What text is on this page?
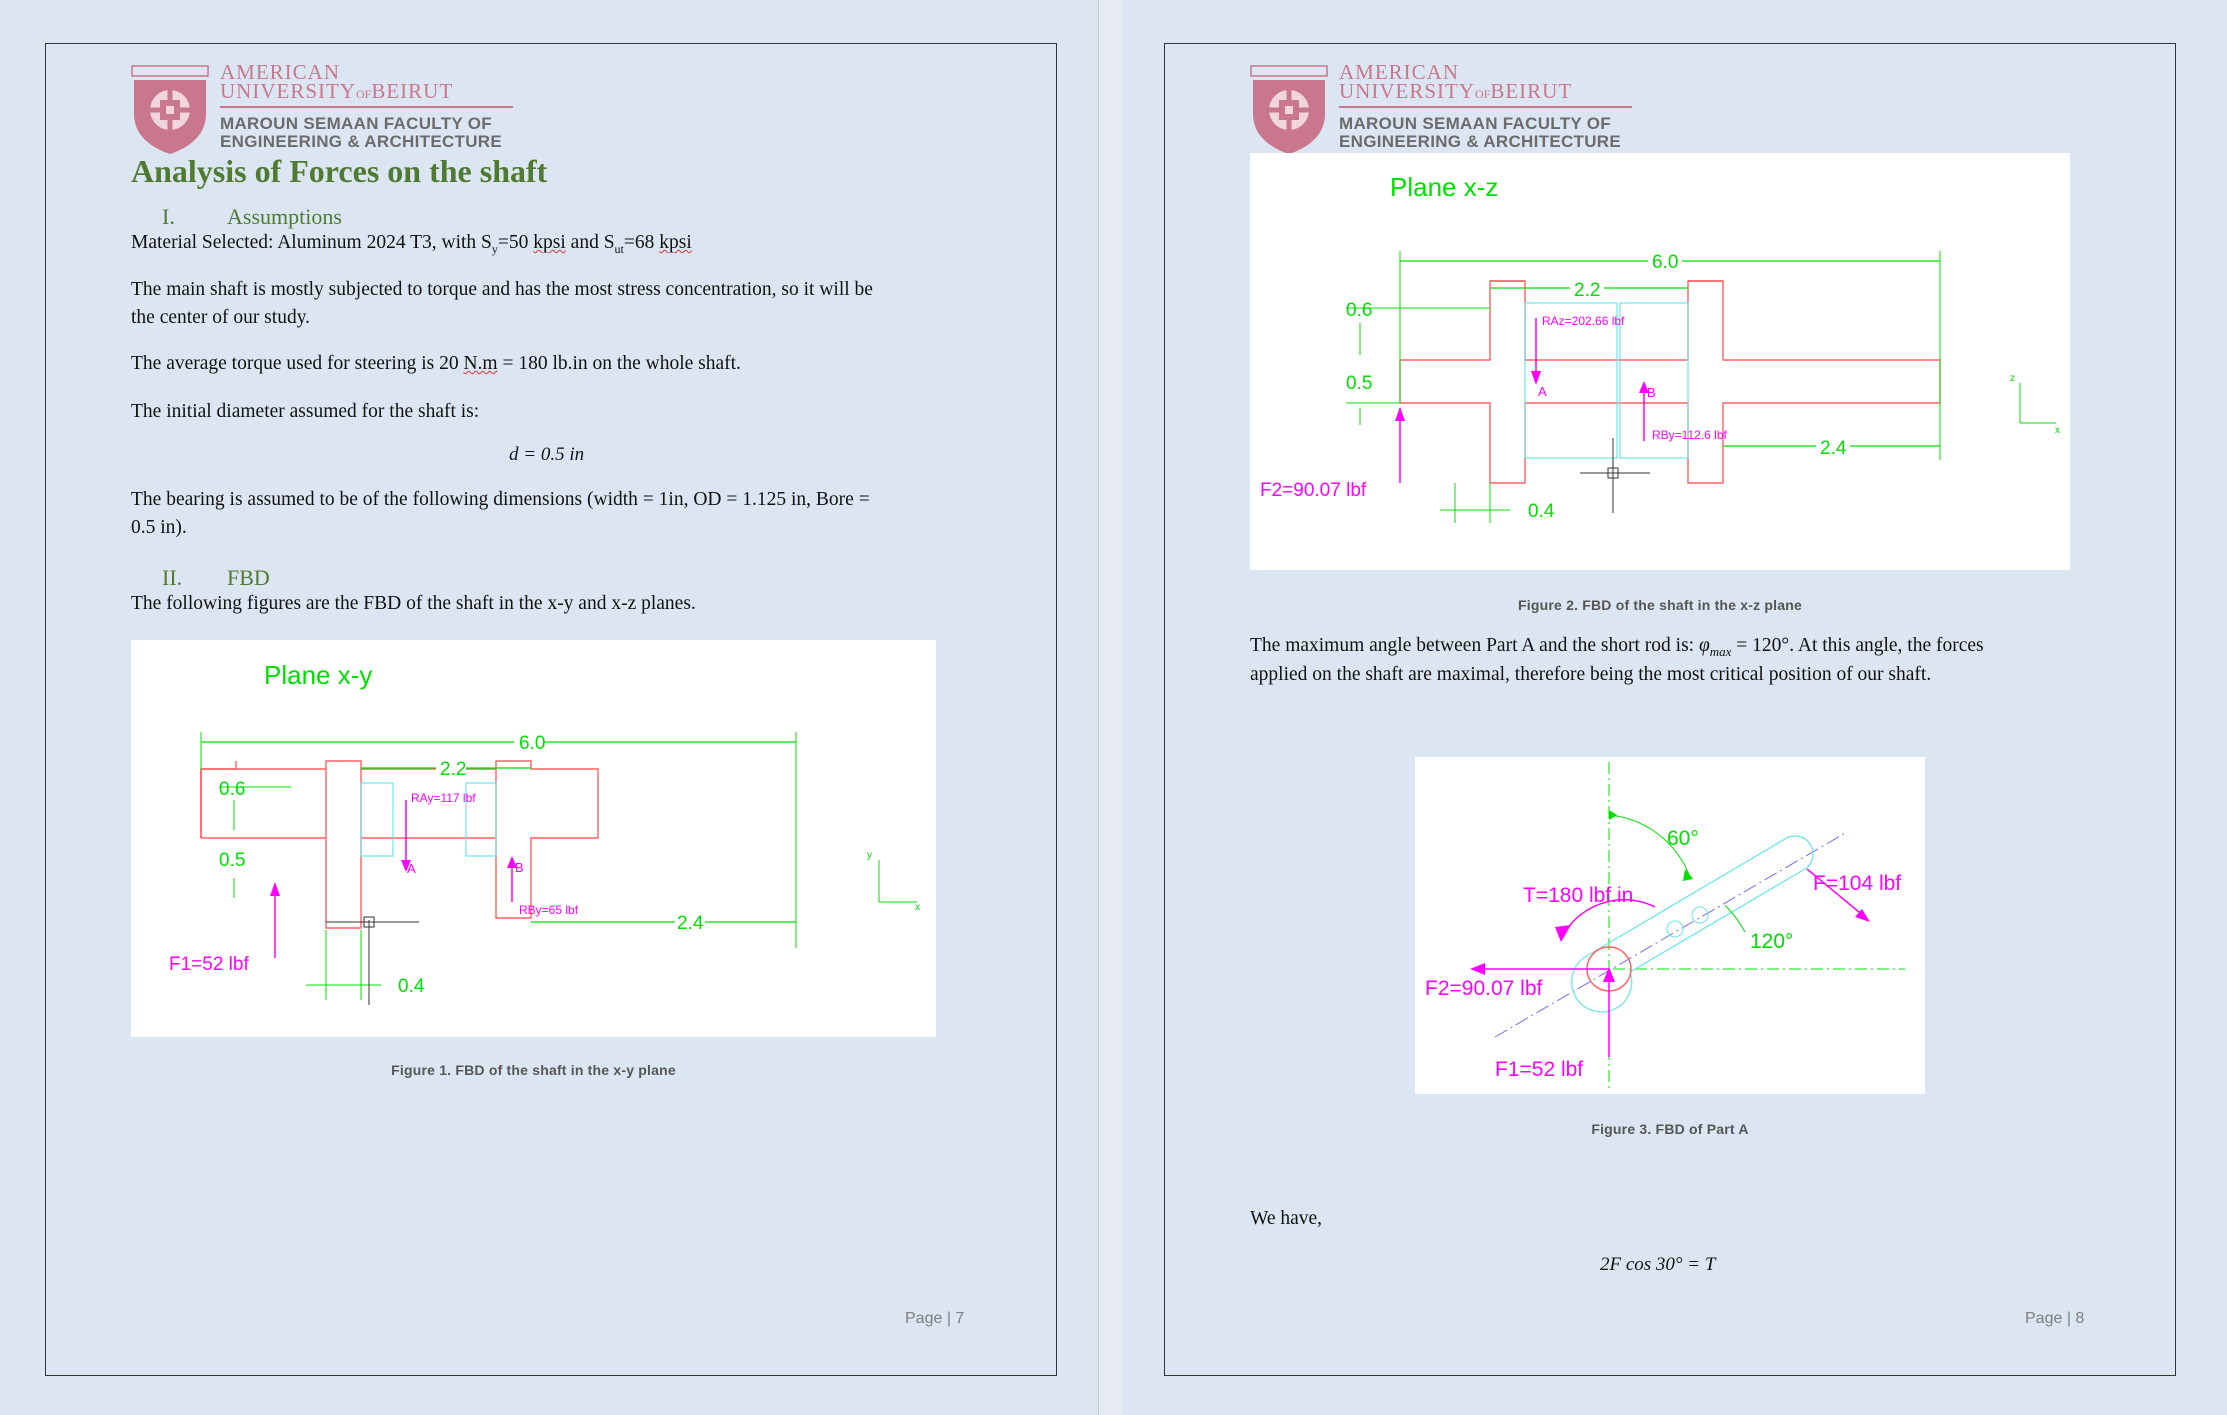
AMERICAN
UNIVERSITYOFBEIRUT
MAROUN SEMAAN FACULTY OF
ENGINEERING & ARCHITECTURE
Analysis of Forces on the shaft
I. Assumptions
Material Selected: Aluminum 2024 T3, with $S_y=50$ kpsi and $S_{ut}=68$ kpsi
The main shaft is mostly subjected to torque and has the most stress concentration, so it will be
the center of our study.
The average torque used for steering is 20 N.m = 180 lb.in on the whole shaft.
The initial diameter assumed for the shaft is:
d = 0.5 in
The bearing is assumed to be of the following dimensions (width = 1in, OD = 1.125 in, Bore =
0.5 in).
II. FBD
The following figures are the FBD of the shaft in the x-y and x-z planes.
Plane x-y
6.0
2.2
0.6
0.5
2.4
0.4
RAy=117 lbf
A	B
RBy=65 lbf
F1=52 lbf
y
x
Figure 1. FBD of the shaft in the x-y plane
Page | 7
AMERICAN
UNIVERSITYOFBEIRUT
MAROUN SEMAAN FACULTY OF
ENGINEERING & ARCHITECTURE
Plane x-z
6.0
2.2
0.6
0.5
2.4
0.4
RAz=202.66 lbf
A	B
RBy=112.6 lbf
F2=90.07 lbf
z
x
Figure 2. FBD of the shaft in the x-z plane
The maximum angle between Part A and the short rod is: $\varphi_{max} = 120^\circ$. At this angle, the forces
applied on the shaft are maximal, therefore being the most critical position of our shaft.
60°
120°
T=180 lbf.in
F=104 lbf
F2=90.07 lbf
F1=52 lbf
Figure 3. FBD of Part A
We have,
2F cos 30° = T
Page | 8
